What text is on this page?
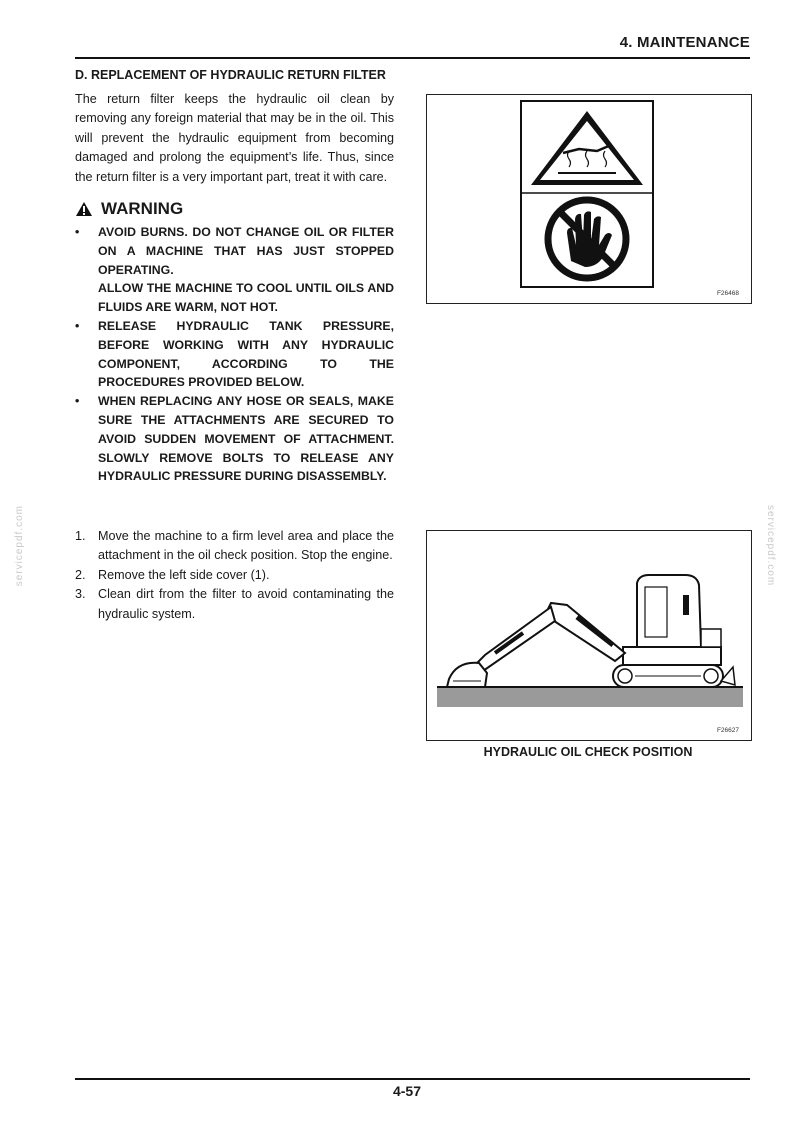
4. MAINTENANCE
D. REPLACEMENT OF HYDRAULIC RETURN FILTER

The return filter keeps the hydraulic oil clean by removing any foreign material that may be in the oil. This will prevent the hydraulic equipment from becoming damaged and prolong the equipment’s life. Thus, since the return filter is a very important part, treat it with care.

WARNING
• AVOID BURNS. DO NOT CHANGE OIL OR FILTER ON A MACHINE THAT HAS JUST STOPPED OPERATING.
ALLOW THE MACHINE TO COOL UNTIL OILS AND FLUIDS ARE WARM, NOT HOT.
• RELEASE HYDRAULIC TANK PRESSURE, BEFORE WORKING WITH ANY HYDRAULIC COMPONENT, ACCORDING TO THE PROCEDURES PROVIDED BELOW.
• WHEN REPLACING ANY HOSE OR SEALS, MAKE SURE THE ATTACHMENTS ARE SECURED TO AVOID SUDDEN MOVEMENT OF ATTACHMENT. SLOWLY REMOVE BOLTS TO RELEASE ANY HYDRAULIC PRESSURE DURING DISASSEMBLY.
1. Move the machine to a firm level area and place the attachment in the oil check position. Stop the engine.
2. Remove the left side cover (1).
3. Clean dirt from the filter to avoid contaminating the hydraulic system.
F26468
F26627
HYDRAULIC OIL CHECK POSITION
servicepdf.com	servicepdf.com
4-57
